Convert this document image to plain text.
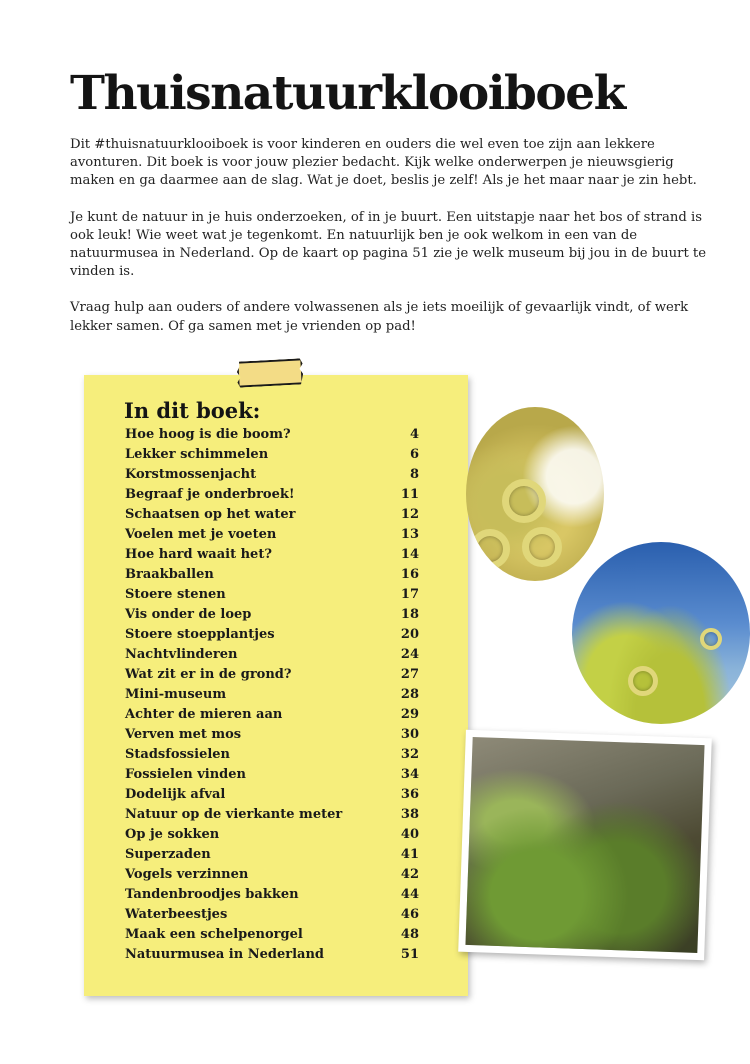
Thuisnatuurklooiboek

Dit #thuisnatuurklooiboek is voor kinderen en ouders die wel even toe zijn aan lekkere avonturen. Dit boek is voor jouw plezier bedacht. Kijk welke onderwerpen je nieuwsgierig maken en ga daarmee aan de slag. Wat je doet, beslis je zelf! Als je het maar naar je zin hebt.

Je kunt de natuur in je huis onderzoeken, of in je buurt. Een uitstapje naar het bos of strand is ook leuk! Wie weet wat je tegenkomt. En natuurlijk ben je ook welkom in een van de natuurmusea in Nederland. Op de kaart op pagina 51 zie je welk museum bij jou in de buurt te vinden is.

Vraag hulp aan ouders of andere volwassenen als je iets moeilijk of gevaarlijk vindt, of werk lekker samen. Of ga samen met je vrienden op pad!

In dit boek:
Hoe hoog is die boom?	4
Lekker schimmelen	6
Korstmossenjacht	8
Begraaf je onderbroek!	11
Schaatsen op het water	12
Voelen met je voeten	13
Hoe hard waait het?	14
Braakballen	16
Stoere stenen	17
Vis onder de loep	18
Stoere stoepplantjes	20
Nachtvlinderen	24
Wat zit er in de grond?	27
Mini-museum	28
Achter de mieren aan	29
Verven met mos	30
Stadsfossielen	32
Fossielen vinden	34
Dodelijk afval	36
Natuur op de vierkante meter	38
Op je sokken	40
Superzaden	41
Vogels verzinnen	42
Tandenbroodjes bakken	44
Waterbeestjes	46
Maak een schelpenorgel	48
Natuurmusea in Nederland	51
